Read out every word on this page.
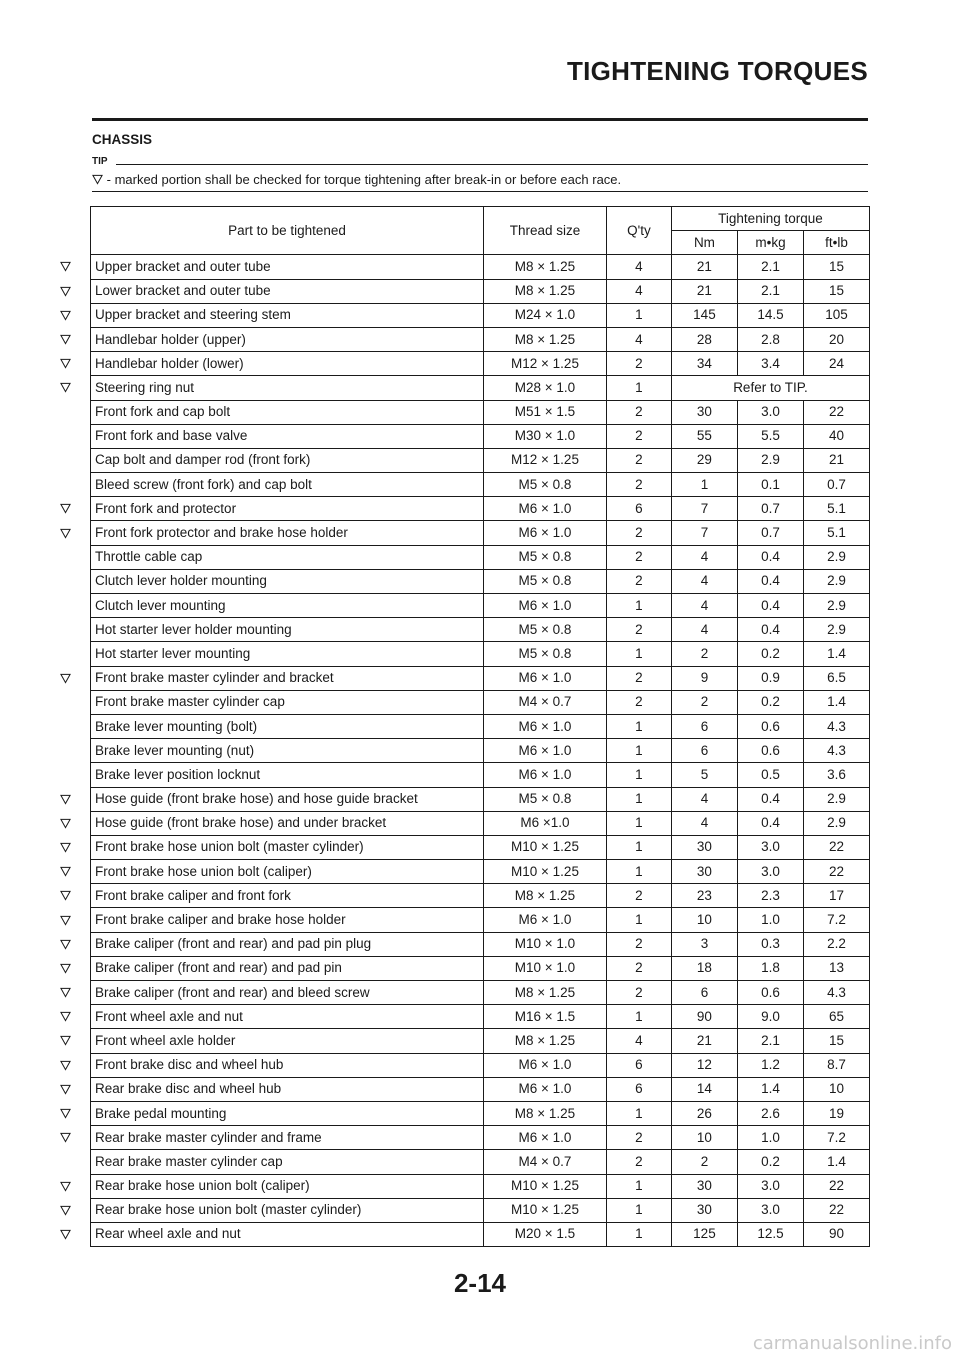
TIGHTENING TORQUES
CHASSIS
TIP
- marked portion shall be checked for torque tightening after break-in or before each race.
Part to be tightened	Thread size	Q'ty	Tightening torque		
			Nm	m•kg	ft•lb
Upper bracket and outer tube	M8 × 1.25	4	21	2.1	15
Lower bracket and outer tube	M8 × 1.25	4	21	2.1	15
Upper bracket and steering stem	M24 × 1.0	1	145	14.5	105
Handlebar holder (upper)	M8 × 1.25	4	28	2.8	20
Handlebar holder (lower)	M12 × 1.25	2	34	3.4	24
Steering ring nut	M28 × 1.0	1	Refer to TIP.		
Front fork and cap bolt	M51 × 1.5	2	30	3.0	22
Front fork and base valve	M30 × 1.0	2	55	5.5	40
Cap bolt and damper rod (front fork)	M12 × 1.25	2	29	2.9	21
Bleed screw (front fork) and cap bolt	M5 × 0.8	2	1	0.1	0.7
Front fork and protector	M6 × 1.0	6	7	0.7	5.1
Front fork protector and brake hose holder	M6 × 1.0	2	7	0.7	5.1
Throttle cable cap	M5 × 0.8	2	4	0.4	2.9
Clutch lever holder mounting	M5 × 0.8	2	4	0.4	2.9
Clutch lever mounting	M6 × 1.0	1	4	0.4	2.9
Hot starter lever holder mounting	M5 × 0.8	2	4	0.4	2.9
Hot starter lever mounting	M5 × 0.8	1	2	0.2	1.4
Front brake master cylinder and bracket	M6 × 1.0	2	9	0.9	6.5
Front brake master cylinder cap	M4 × 0.7	2	2	0.2	1.4
Brake lever mounting (bolt)	M6 × 1.0	1	6	0.6	4.3
Brake lever mounting (nut)	M6 × 1.0	1	6	0.6	4.3
Brake lever position locknut	M6 × 1.0	1	5	0.5	3.6
Hose guide (front brake hose) and hose guide bracket	M5 × 0.8	1	4	0.4	2.9
Hose guide (front brake hose) and under bracket	M6 ×1.0	1	4	0.4	2.9
Front brake hose union bolt (master cylinder)	M10 × 1.25	1	30	3.0	22
Front brake hose union bolt (caliper)	M10 × 1.25	1	30	3.0	22
Front brake caliper and front fork	M8 × 1.25	2	23	2.3	17
Front brake caliper and brake hose holder	M6 × 1.0	1	10	1.0	7.2
Brake caliper (front and rear) and pad pin plug	M10 × 1.0	2	3	0.3	2.2
Brake caliper (front and rear) and pad pin	M10 × 1.0	2	18	1.8	13
Brake caliper (front and rear) and bleed screw	M8 × 1.25	2	6	0.6	4.3
Front wheel axle and nut	M16 × 1.5	1	90	9.0	65
Front wheel axle holder	M8 × 1.25	4	21	2.1	15
Front brake disc and wheel hub	M6 × 1.0	6	12	1.2	8.7
Rear brake disc and wheel hub	M6 × 1.0	6	14	1.4	10
Brake pedal mounting	M8 × 1.25	1	26	2.6	19
Rear brake master cylinder and frame	M6 × 1.0	2	10	1.0	7.2
Rear brake master cylinder cap	M4 × 0.7	2	2	0.2	1.4
Rear brake hose union bolt (caliper)	M10 × 1.25	1	30	3.0	22
Rear brake hose union bolt (master cylinder)	M10 × 1.25	1	30	3.0	22
Rear wheel axle and nut	M20 × 1.5	1	125	12.5	90
2-14
carmanualsonline.info
